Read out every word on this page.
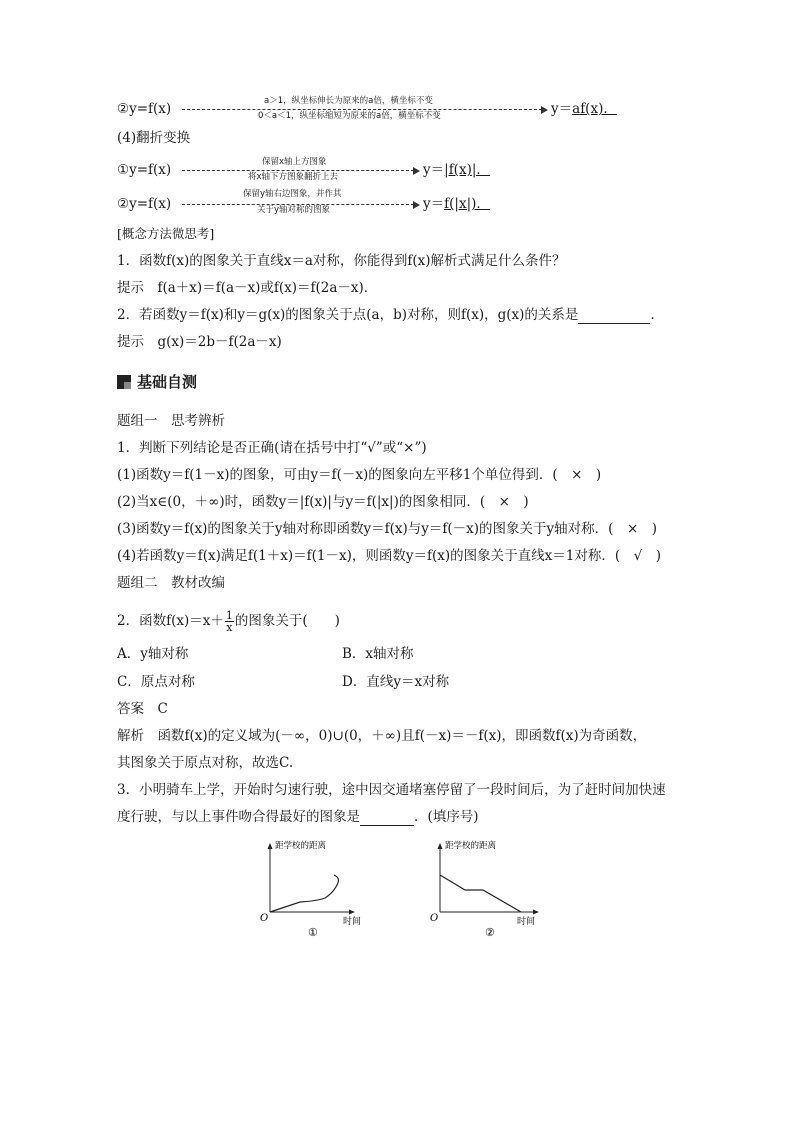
②y=f(x)	a＞1，纵坐标伸长为原来的a倍，横坐标不变
0＜a＜1，纵坐标缩短为原来的a倍，横坐标不变	y＝af(x)．
(4)翻折变换
①y=f(x)	保留x轴上方图象
将x轴下方图象翻折上去	y＝|f(x)|．
②y=f(x)
保留y轴右边图象，并作其
关于y轴对称的图象	y＝f(|x|)．
[概念方法微思考]
1．函数f(x)的图象关于直线x＝a对称，你能得到f(x)解析式满足什么条件？
提示　f(a＋x)＝f(a－x)或f(x)＝f(2a－x)．
2．若函数y＝f(x)和y＝g(x)的图象关于点(a，b)对称，则f(x)，g(x)的关系是	．
提示　g(x)＝2b－f(2a－x)
基础自测
题组一　思考辨析
1．判断下列结论是否正确(请在括号中打“√”或“×”)
(1)函数y＝f(1－x)的图象，可由y＝f(－x)的图象向左平移1个单位得到．(　×　)
(2)当x∈(0，＋∞)时，函数y＝|f(x)|与y＝f(|x|)的图象相同．(　×　)
(3)函数y＝f(x)的图象关于y轴对称即函数y＝f(x)与y＝f(－x)的图象关于y轴对称．(　×　)
(4)若函数y＝f(x)满足f(1＋x)＝f(1－x)，则函数y＝f(x)的图象关于直线x＝1对称．(　√　)
题组二　教材改编
2．函数$f(x)=x+ \frac{1}{x}$ 的图象关于(　　)
A．y轴对称	B．x轴对称
C．原点对称	D．直线y＝x对称
答案　C
解析　函数f(x)的定义域为(－∞，0)∪(0，＋∞)且f(－x)＝－f(x)，即函数f(x)为奇函数，
其图象关于原点对称，故选C.
3．小明骑车上学，开始时匀速行驶，途中因交通堵塞停留了一段时间后，为了赶时间加快速
度行驶，与以上事件吻合得最好的图象是	．(填序号)
距学校的距离
O	时间
①
距学校的距离
O	时间
②
